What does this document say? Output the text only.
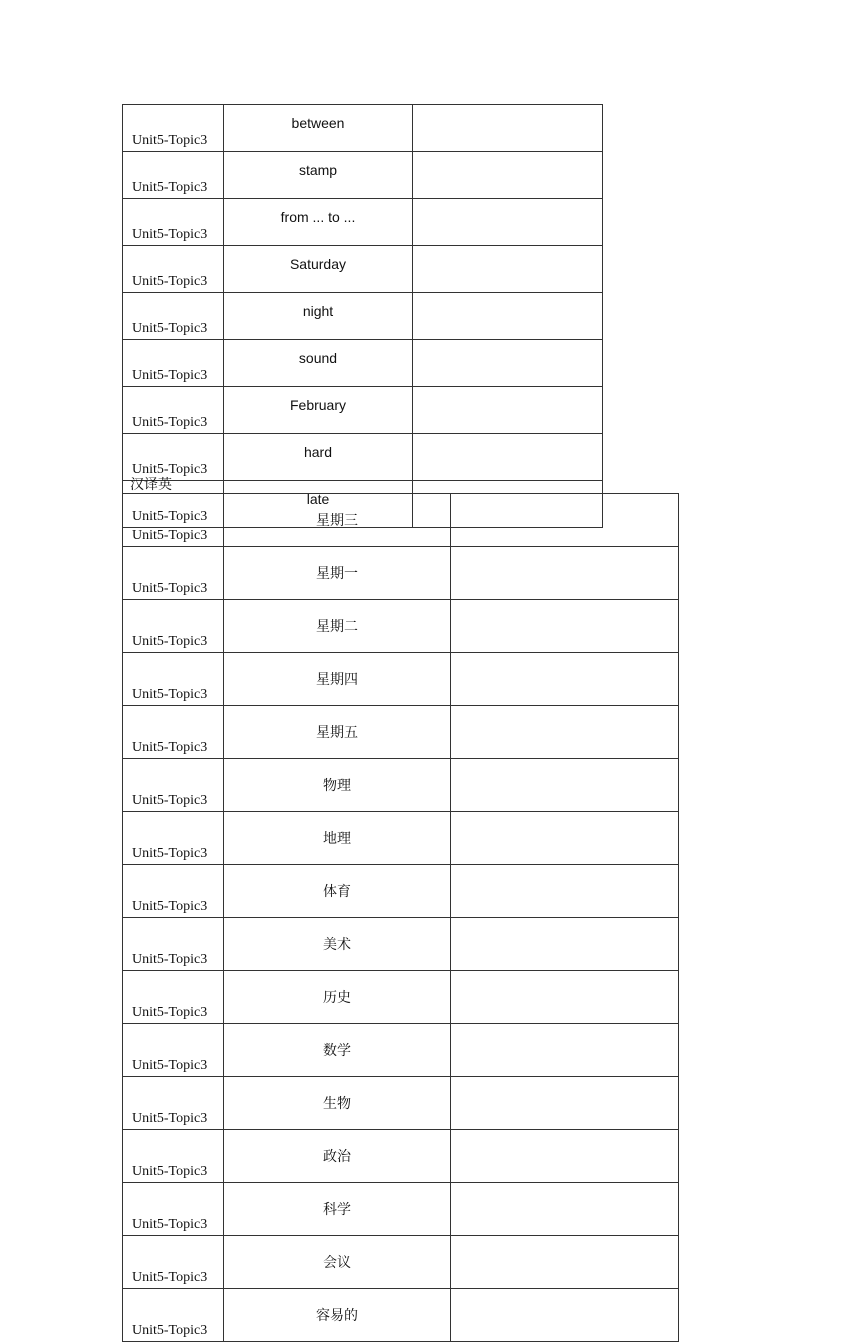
Unit5-Topic3	between	
Unit5-Topic3	stamp	
Unit5-Topic3	from ... to ...	
Unit5-Topic3	Saturday	
Unit5-Topic3	night	
Unit5-Topic3	sound	
Unit5-Topic3	February	
Unit5-Topic3	hard	
Unit5-Topic3	late	
汉译英
Unit5-Topic3	星期三	
Unit5-Topic3	星期一	
Unit5-Topic3	星期二	
Unit5-Topic3	星期四	
Unit5-Topic3	星期五	
Unit5-Topic3	物理	
Unit5-Topic3	地理	
Unit5-Topic3	体育	
Unit5-Topic3	美术	
Unit5-Topic3	历史	
Unit5-Topic3	数学	
Unit5-Topic3	生物	
Unit5-Topic3	政治	
Unit5-Topic3	科学	
Unit5-Topic3	会议	
Unit5-Topic3	容易的	
